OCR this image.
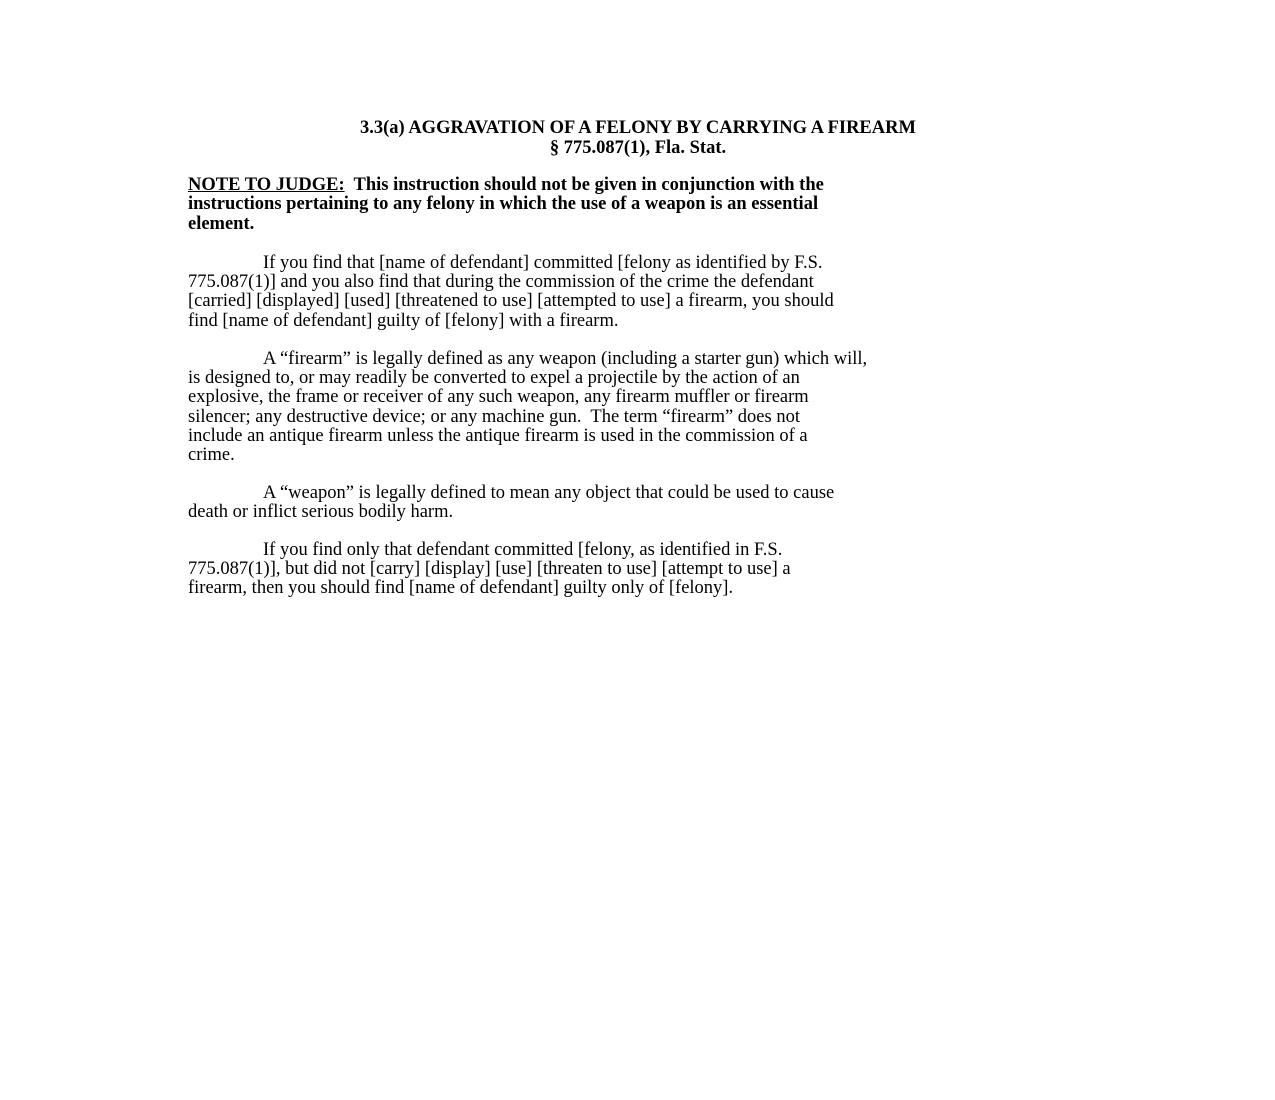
3.3(a) AGGRAVATION OF A FELONY BY CARRYING A FIREARM
§ 775.087(1), Fla. Stat.
NOTE TO JUDGE:  This instruction should not be given in conjunction with the
instructions pertaining to any felony in which the use of a weapon is an essential
element.
If you find that [name of defendant] committed [felony as identified by F.S.
775.087(1)] and you also find that during the commission of the crime the defendant
[carried] [displayed] [used] [threatened to use] [attempted to use] a firearm, you should
find [name of defendant] guilty of [felony] with a firearm.
A “firearm” is legally defined as any weapon (including a starter gun) which will,
is designed to, or may readily be converted to expel a projectile by the action of an
explosive, the frame or receiver of any such weapon, any firearm muffler or firearm
silencer; any destructive device; or any machine gun.  The term “firearm” does not
include an antique firearm unless the antique firearm is used in the commission of a
crime.
A “weapon” is legally defined to mean any object that could be used to cause
death or inflict serious bodily harm.
If you find only that defendant committed [felony, as identified in F.S.
775.087(1)], but did not [carry] [display] [use] [threaten to use] [attempt to use] a
firearm, then you should find [name of defendant] guilty only of [felony].
